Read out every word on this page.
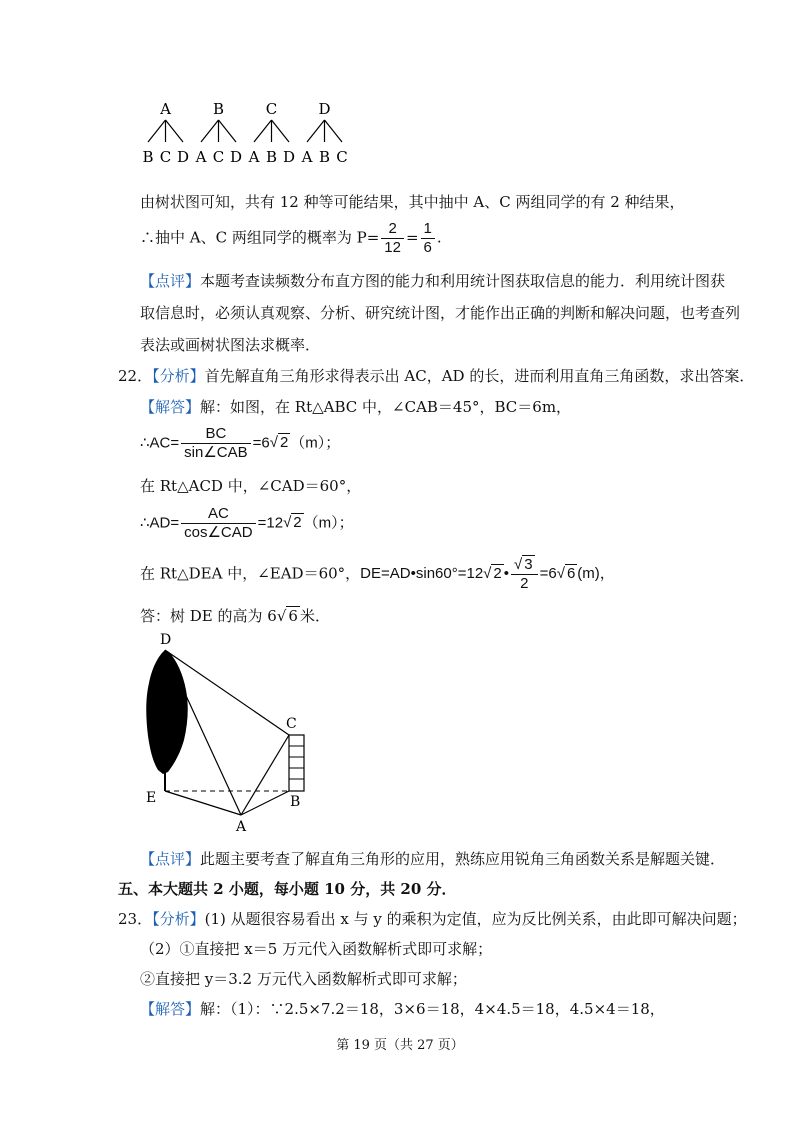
A
B C D
B
A C D
C
A B D
D
A B C
由树状图可知，共有 12 种等可能结果，其中抽中 A、C 两组同学的有 2 种结果，
∴抽中 A、C 两组同学的概率为 $P= \frac{2}{12} = \frac{1}{6}$ .
【点评】本题考查读频数分布直方图的能力和利用统计图获取信息的能力．利用统计图获
取信息时，必须认真观察、分析、研究统计图，才能作出正确的判断和解决问题，也考查列
表法或画树状图法求概率．
22．【分析】首先解直角三角形求得表示出 AC，AD 的长，进而利用直角三角函数，求出答案．
【解答】解：如图，在 Rt△ABC 中，∠CAB＝45°，BC＝6m，
∴AC= $\frac{BC}{\text{sin∠CAB}} =6√$ 2 （m）；
在 Rt△ACD 中，∠CAD＝60°，
∴AD= $\frac{AC}{\text{cos∠CAD}} =12√$ 2 （m）；
在 Rt△DEA 中，∠EAD＝60°，DE=AD•sin60°=12√ 2 • $\frac{√ 3}{2} =6√$ 6 (m)，
答：树 DE 的高为 6√ 6 米．
D
C
E	B
A
【点评】此题主要考查了解直角三角形的应用，熟练应用锐角三角函数关系是解题关键．
五、本大题共 2 小题，每小题 10 分，共 20 分．
23．【分析】(1) 从题很容易看出 x 与 y 的乘积为定值，应为反比例关系，由此即可解决问题；
（2）①直接把 x＝5 万元代入函数解析式即可求解；
②直接把 y＝3.2 万元代入函数解析式即可求解；
【解答】解：（1）：∵2.5×7.2＝18，3×6＝18，4×4.5＝18，4.5×4＝18，
第 19 页（共 27 页）
